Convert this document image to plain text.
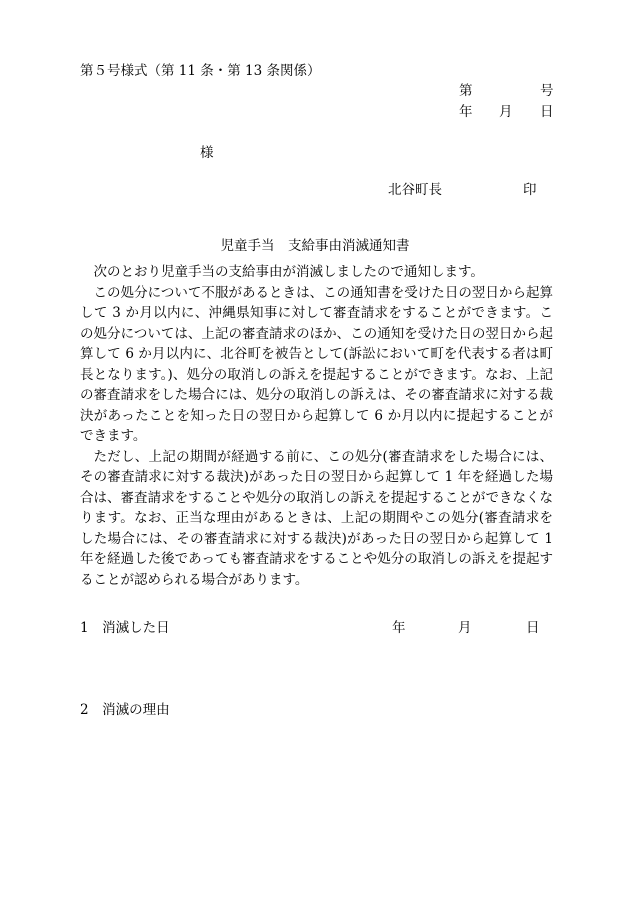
第５号様式（第 11 条・第 13 条関係）
第	号
年 月 日
様
北谷町長	印
児童手当　支給事由消滅通知書

次のとおり児童手当の支給事由が消滅しましたので通知します。

この処分について不服があるときは、この通知書を受けた日の翌日から起算して 3 か月以内に、沖縄県知事に対して審査請求をすることができます。この処分については、上記の審査請求のほか、この通知を受けた日の翌日から起算して 6 か月以内に、北谷町を被告として(訴訟において町を代表する者は町長となります。)、処分の取消しの訴えを提起することができます。なお、上記の審査請求をした場合には、処分の取消しの訴えは、その審査請求に対する裁決があったことを知った日の翌日から起算して 6 か月以内に提起することができます。

ただし、上記の期間が経過する前に、この処分(審査請求をした場合には、その審査請求に対する裁決)があった日の翌日から起算して 1 年を経過した場合は、審査請求をすることや処分の取消しの訴えを提起することができなくなります。なお、正当な理由があるときは、上記の期間やこの処分(審査請求をした場合には、その審査請求に対する裁決)があった日の翌日から起算して 1 年を経過した後であっても審査請求をすることや処分の取消しの訴えを提起することが認められる場合があります。

1　消滅した日	年	月	日
2　消滅の理由
